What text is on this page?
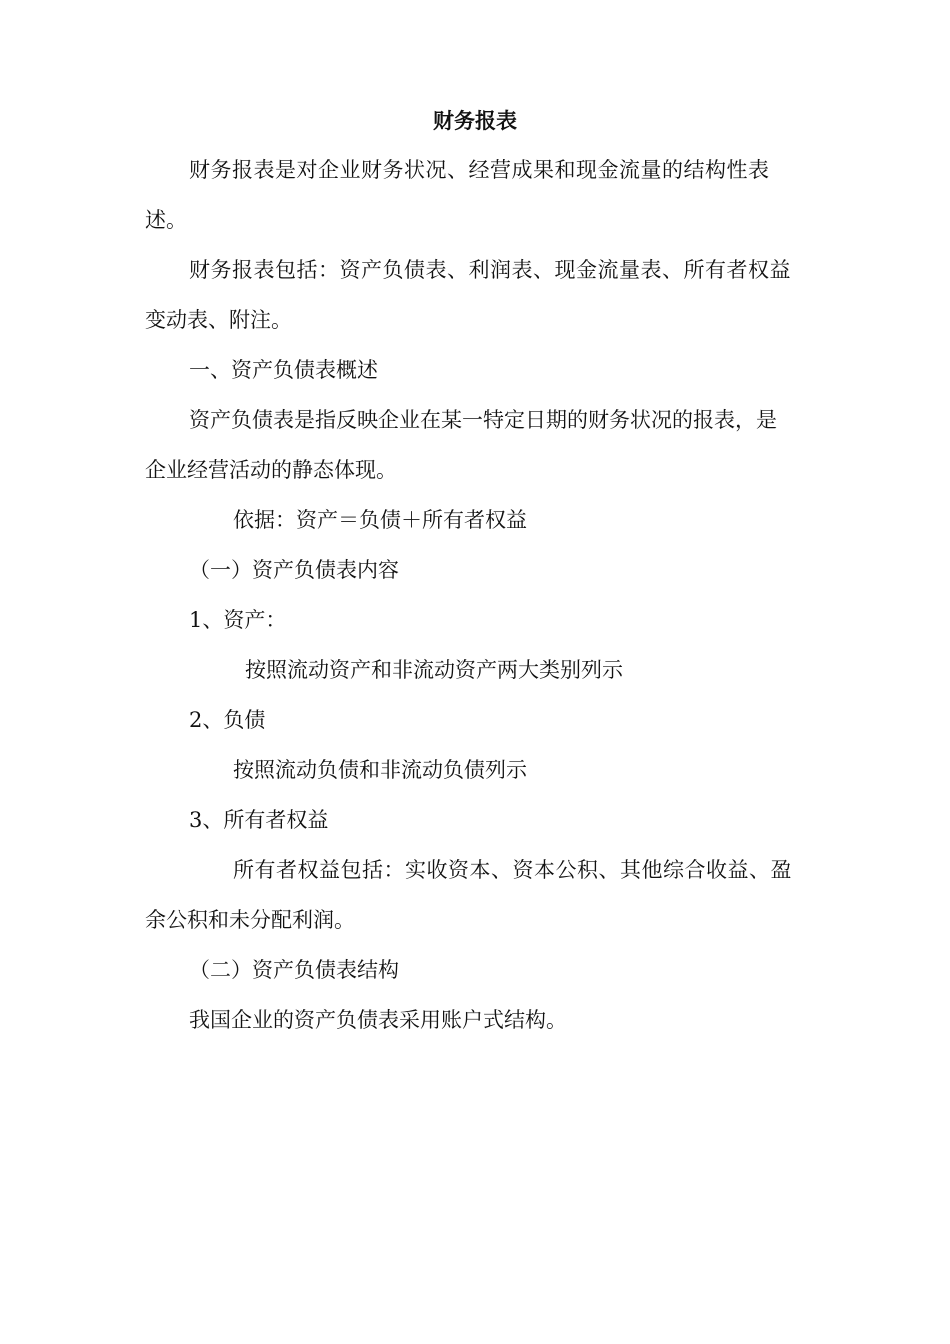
财务报表
财务报表是对企业财务状况、经营成果和现金流量的结构性表
述。
财务报表包括：资产负债表、利润表、现金流量表、所有者权益
变动表、附注。
一、资产负债表概述
资产负债表是指反映企业在某一特定日期的财务状况的报表，是
企业经营活动的静态体现。
依据：资产＝负债＋所有者权益
（一）资产负债表内容
1、资产：
按照流动资产和非流动资产两大类别列示
2、负债
按照流动负债和非流动负债列示
3、所有者权益
所有者权益包括：实收资本、资本公积、其他综合收益、盈
余公积和未分配利润。
（二）资产负债表结构
我国企业的资产负债表采用账户式结构。
